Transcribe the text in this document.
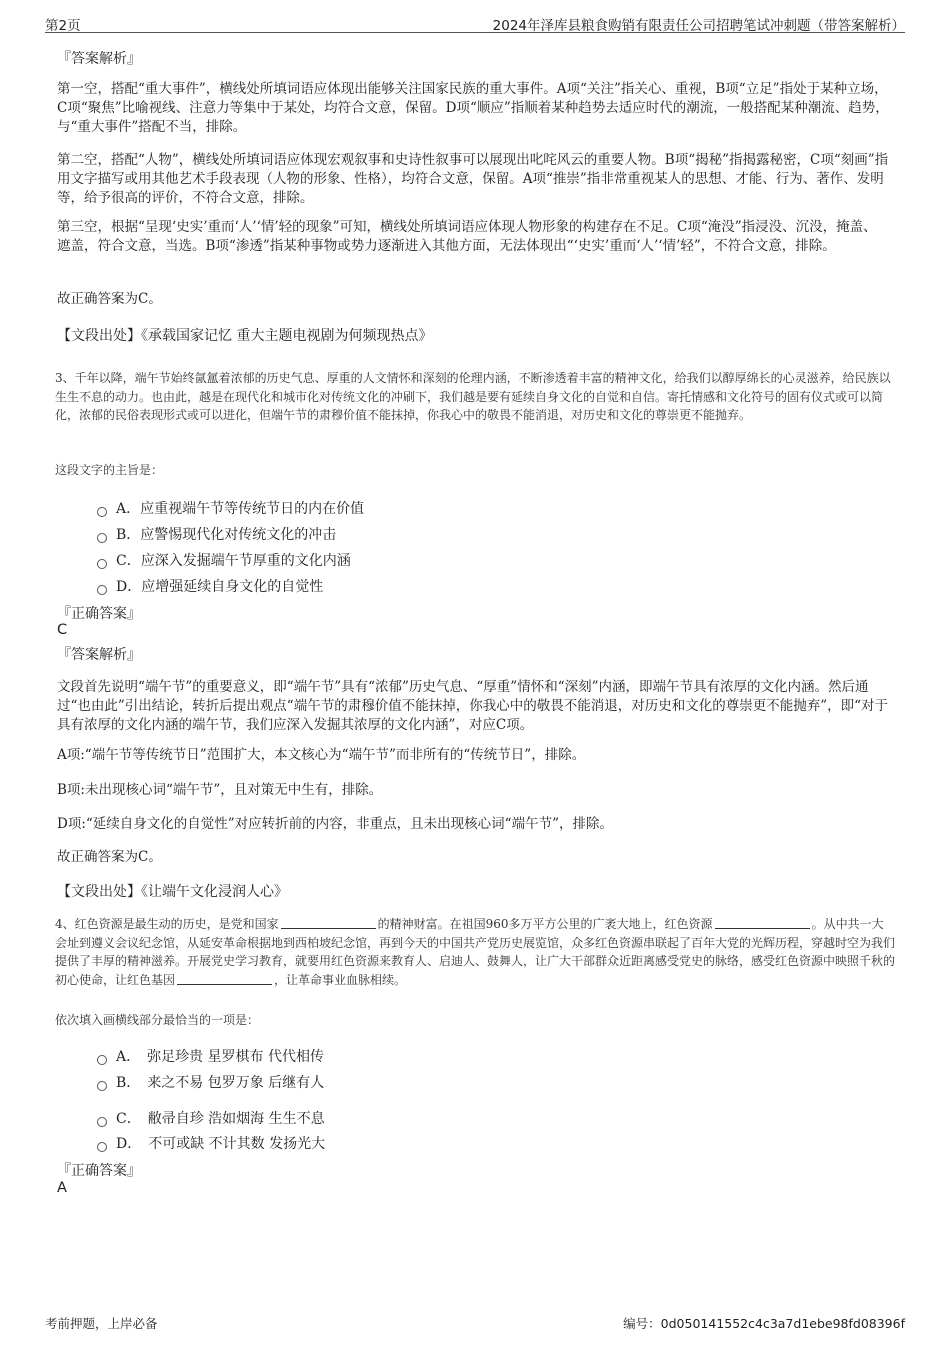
第2页	2024年泽库县粮食购销有限责任公司招聘笔试冲刺题（带答案解析）
『答案解析』
第一空，搭配“重大事件”，横线处所填词语应体现出能够关注国家民族的重大事件。A项“关注”指关心、重视，B项“立足”指处于某种立场，C项“聚焦”比喻视线、注意力等集中于某处，均符合文意，保留。D项“顺应”指顺着某种趋势去适应时代的潮流，一般搭配某种潮流、趋势，与“重大事件”搭配不当，排除。
第二空，搭配“人物”，横线处所填词语应体现宏观叙事和史诗性叙事可以展现出叱咤风云的重要人物。B项“揭秘”指揭露秘密，C项“刻画”指用文字描写或用其他艺术手段表现（人物的形象、性格），均符合文意，保留。A项“推崇”指非常重视某人的思想、才能、行为、著作、发明等，给予很高的评价，不符合文意，排除。
第三空，根据“呈现‘史实’重而‘人’‘情’轻的现象”可知，横线处所填词语应体现人物形象的构建存在不足。C项“淹没”指浸没、沉没，掩盖、遮盖，符合文意，当选。B项“渗透”指某种事物或势力逐渐进入其他方面，无法体现出“‘史实’重而‘人’‘情’轻”，不符合文意，排除。
故正确答案为C。
【文段出处】《承载国家记忆 重大主题电视剧为何频现热点》
3、千年以降，端午节始终氤氲着浓郁的历史气息、厚重的人文情怀和深刻的伦理内涵，不断渗透着丰富的精神文化，给我们以醇厚绵长的心灵滋养，给民族以生生不息的动力。也由此，越是在现代化和城市化对传统文化的冲刷下，我们越是要有延续自身文化的自觉和自信。寄托情感和文化符号的固有仪式或可以简化，浓郁的民俗表现形式或可以进化，但端午节的肃穆价值不能抹掉，你我心中的敬畏不能消退，对历史和文化的尊崇更不能抛弃。
这段文字的主旨是：
A．应重视端午节等传统节日的内在价值
B．应警惕现代化对传统文化的冲击
C．应深入发掘端午节厚重的文化内涵
D．应增强延续自身文化的自觉性
『正确答案』
C
『答案解析』
文段首先说明“端午节”的重要意义，即“端午节”具有“浓郁”历史气息、“厚重”情怀和“深刻”内涵，即端午节具有浓厚的文化内涵。然后通过“也由此”引出结论，转折后提出观点“端午节的肃穆价值不能抹掉，你我心中的敬畏不能消退，对历史和文化的尊崇更不能抛弃”，即“对于具有浓厚的文化内涵的端午节，我们应深入发掘其浓厚的文化内涵”，对应C项。
A项:“端午节等传统节日”范围扩大，本文核心为“端午节”而非所有的“传统节日”，排除。
B项:未出现核心词“端午节”，且对策无中生有，排除。
D项:“延续自身文化的自觉性”对应转折前的内容，非重点，且未出现核心词“端午节”，排除。
故正确答案为C。
【文段出处】《让端午文化浸润人心》
4、红色资源是最生动的历史，是党和国家	的精神财富。在祖国960多万平方公里的广袤大地上，红色资源	。从中共一大会址到遵义会议纪念馆，从延安革命根据地到西柏坡纪念馆，再到今天的中国共产党历史展览馆，众多红色资源串联起了百年大党的光辉历程，穿越时空为我们提供了丰厚的精神滋养。开展党史学习教育，就要用红色资源来教育人、启迪人、鼓舞人，让广大干部群众近距离感受党史的脉络，感受红色资源中映照千秋的初心使命，让红色基因	，让革命事业血脉相续。
依次填入画横线部分最恰当的一项是：
A．　弥足珍贵 星罗棋布 代代相传
B．　来之不易 包罗万象 后继有人
C．　敝帚自珍 浩如烟海 生生不息
D．　不可或缺 不计其数 发扬光大
『正确答案』
A
考前押题，上岸必备	编号：0d050141552c4c3a7d1ebe98fd08396f
